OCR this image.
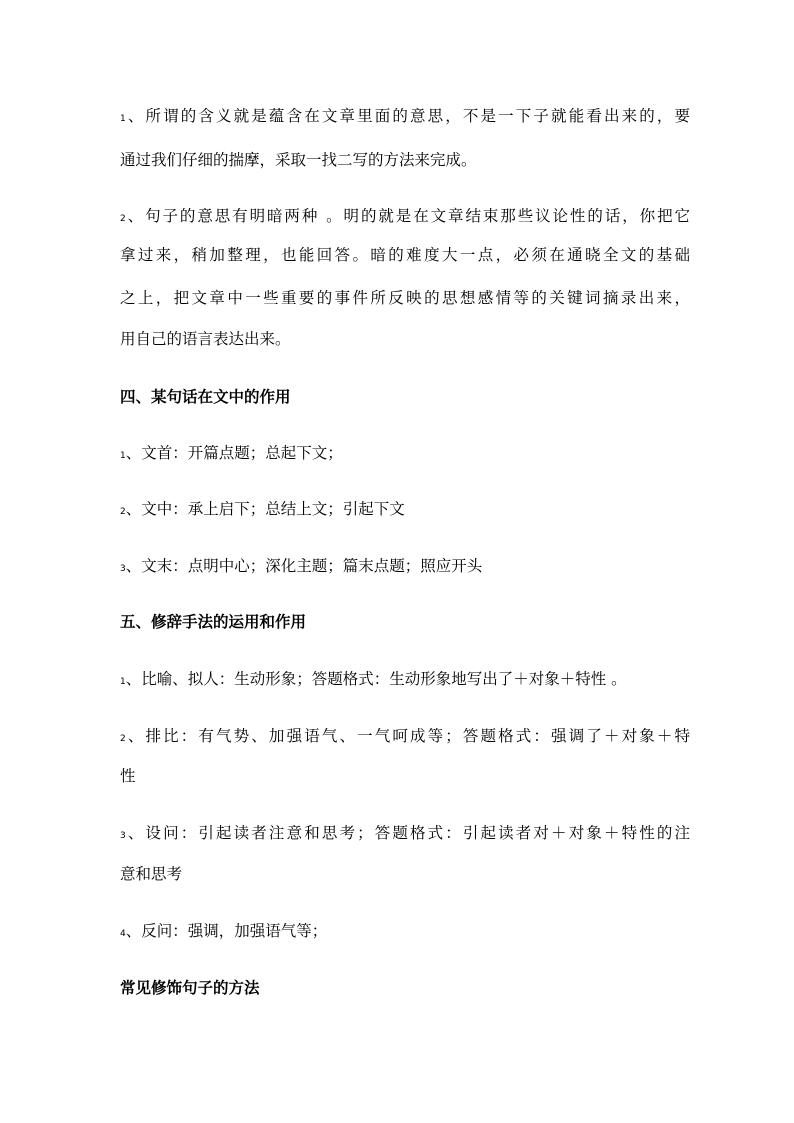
1、所谓的含义就是蕴含在文章里面的意思，不是一下子就能看出来的，要
通过我们仔细的揣摩，采取一找二写的方法来完成。
2、句子的意思有明暗两种 。明的就是在文章结束那些议论性的话，你把它
拿过来，稍加整理，也能回答。暗的难度大一点，必须在通晓全文的基础
之上，把文章中一些重要的事件所反映的思想感情等的关键词摘录出来，
用自己的语言表达出来。
四、某句话在文中的作用
1、文首：开篇点题；总起下文；
2、文中：承上启下；总结上文；引起下文
3、文末：点明中心；深化主题；篇末点题；照应开头
五、修辞手法的运用和作用
1、比喻、拟人：生动形象；答题格式：生动形象地写出了＋对象＋特性 。
2、排比：有气势、加强语气、一气呵成等；答题格式：强调了＋对象＋特
性
3、设问：引起读者注意和思考；答题格式：引起读者对＋对象＋特性的注
意和思考
4、反问：强调，加强语气等；
常见修饰句子的方法
